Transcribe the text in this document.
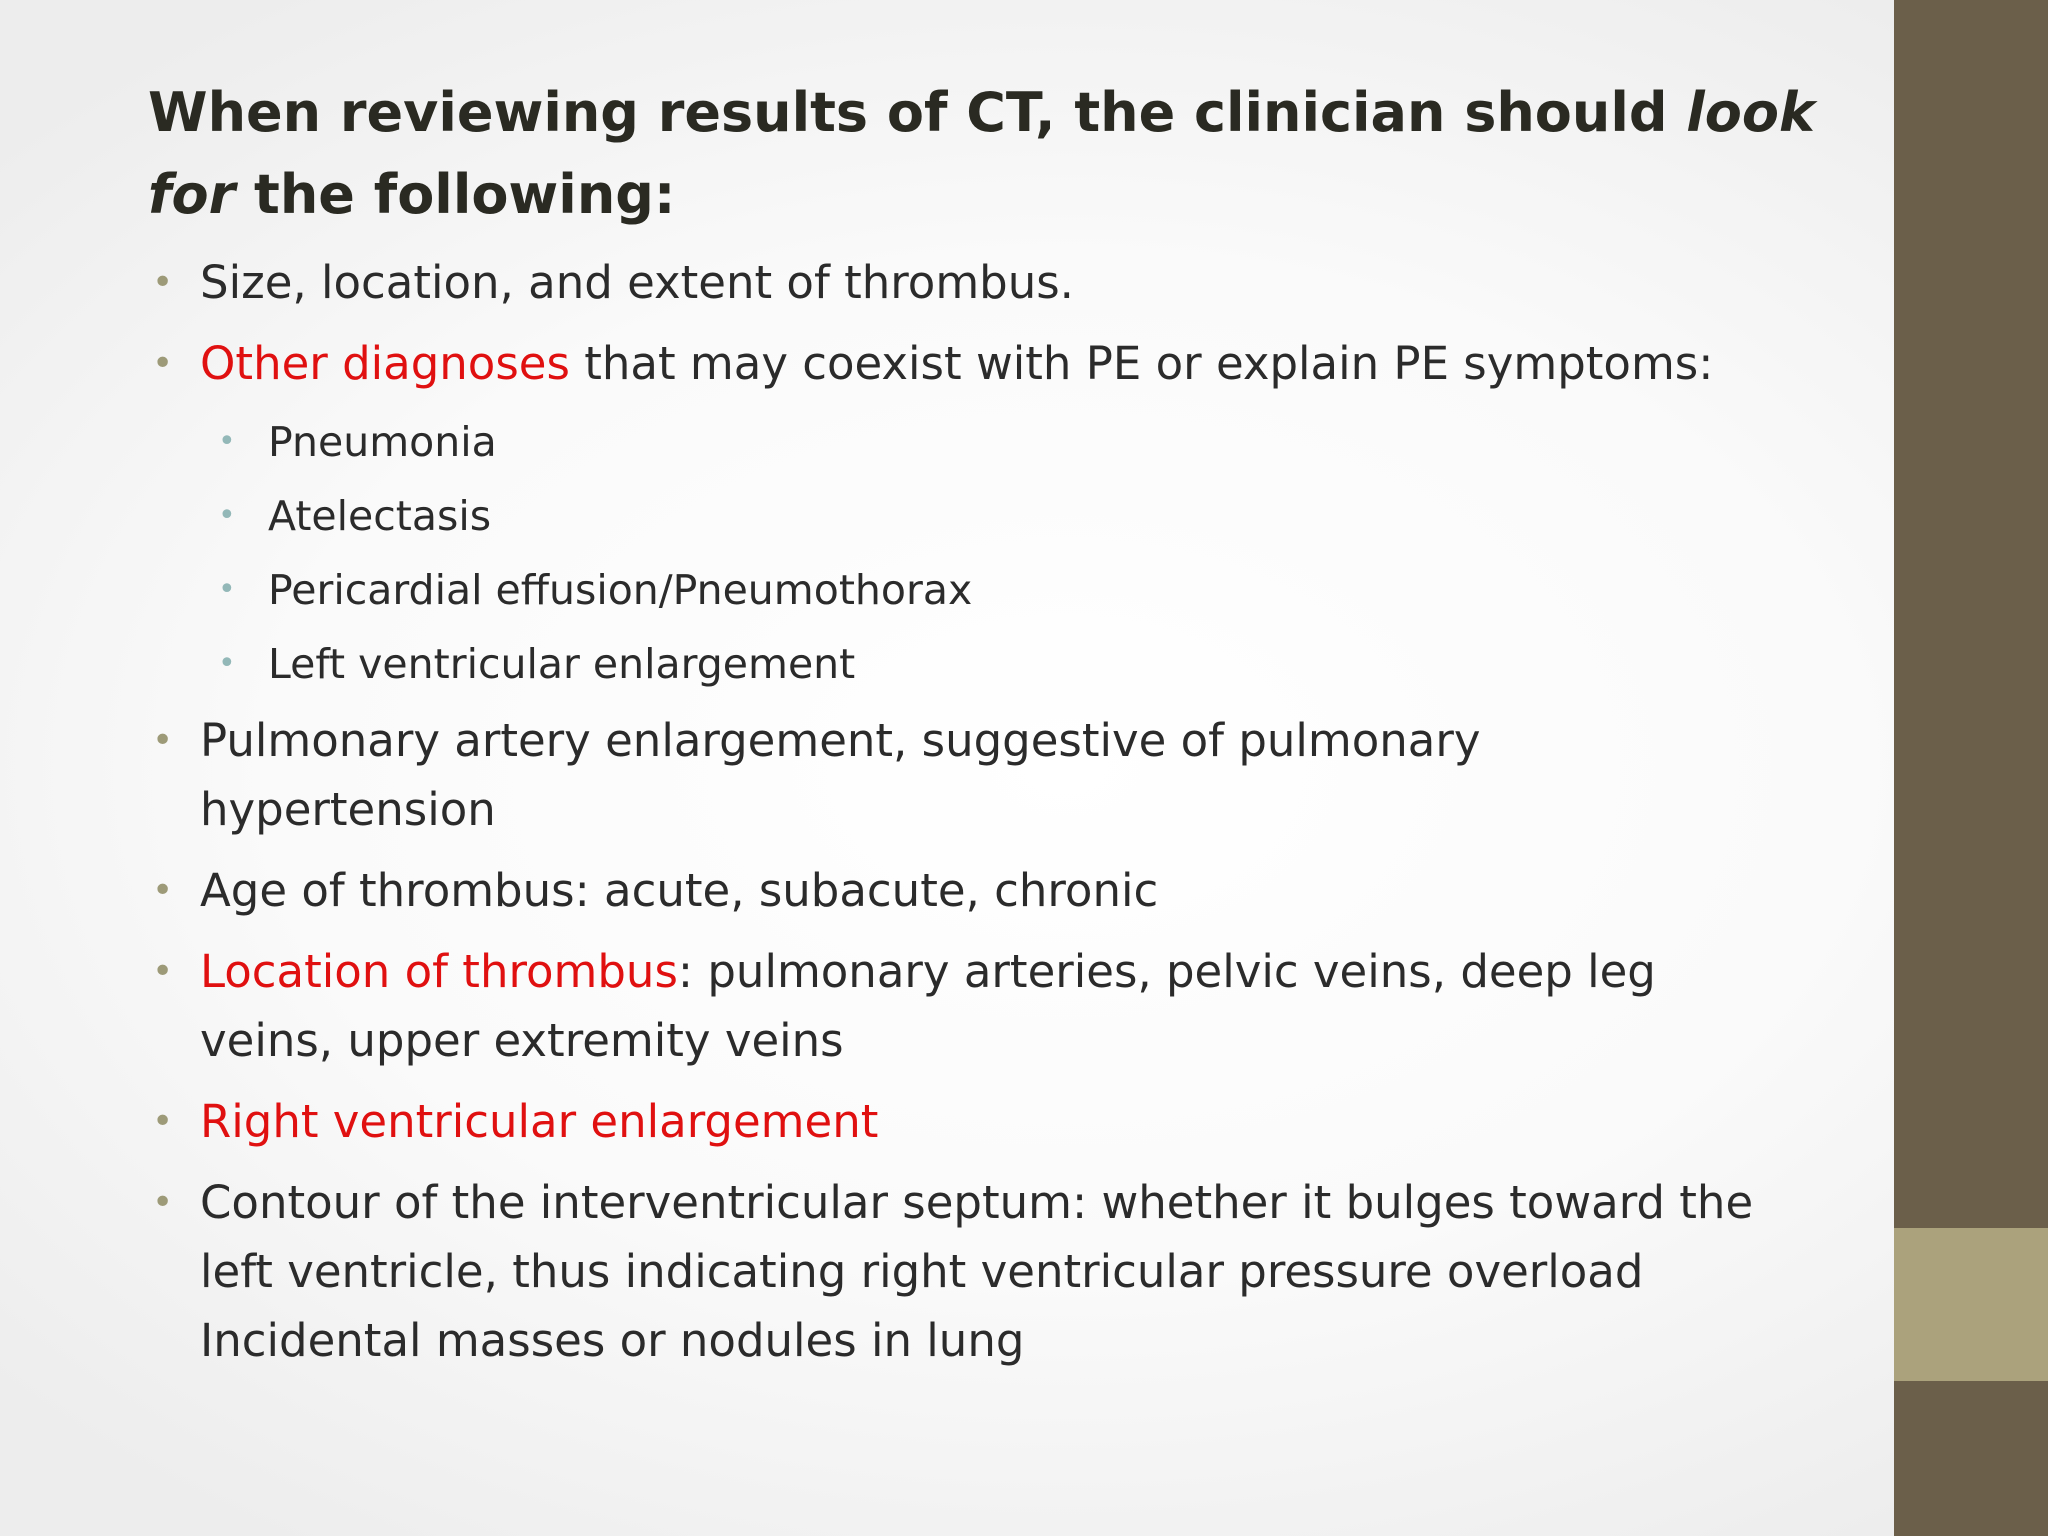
When reviewing results of CT, the clinician should look for the following:
• Size, location, and extent of thrombus.
• Other diagnoses that may coexist with PE or explain PE symptoms:
• Pneumonia
• Atelectasis
• Pericardial effusion/Pneumothorax
• Left ventricular enlargement
• Pulmonary artery enlargement, suggestive of pulmonary hypertension
• Age of thrombus: acute, subacute, chronic
• Location of thrombus: pulmonary arteries, pelvic veins, deep leg veins, upper extremity veins
• Right ventricular enlargement
• Contour of the interventricular septum: whether it bulges toward the left ventricle, thus indicating right ventricular pressure overload
Incidental masses or nodules in lung
